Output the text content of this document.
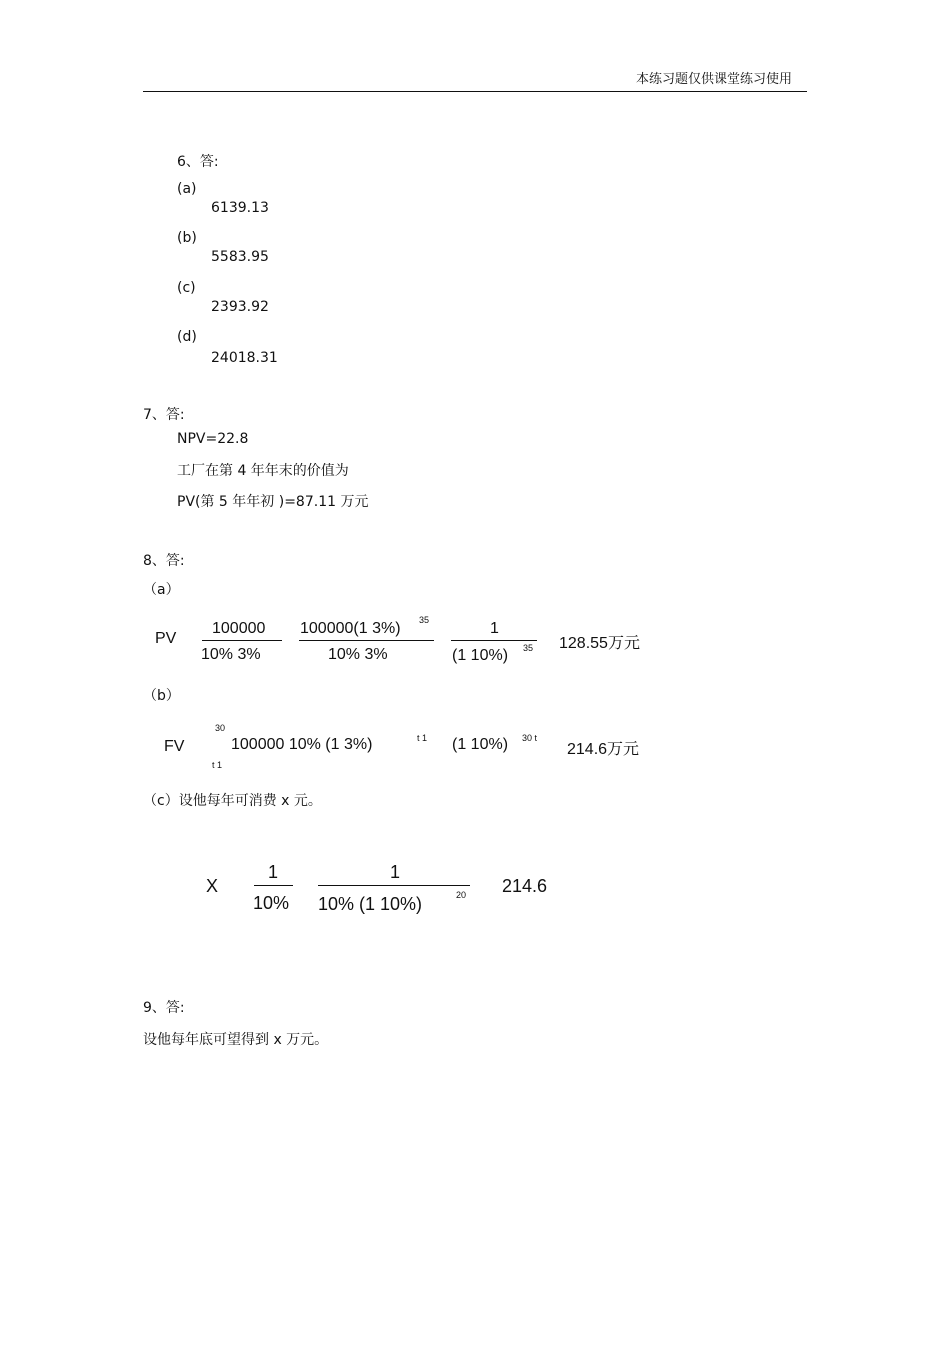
本练习题仅供课堂练习使用
6、答:
(a)
6139.13
(b)
5583.95
(c)
2393.92
(d)
24018.31
7、答:
NPV=22.8
工厂在第 4 年年末的价值为
PV(第 5 年年初 )=87.11 万元
8、答:
（a）
PV
100000
10% 3%
100000(1 3%) 35
10% 3%
1
(1 10%) 35 128.55万元
（b）
30
FV	100000 10% (1 3%)	t 1 (1 10%) 30 t
214.6万元
t 1
（c）设他每年可消费 x 元。
X
1
10%
1
10% (1 10%)	20 214.6
9、答:
设他每年底可望得到 x 万元。
